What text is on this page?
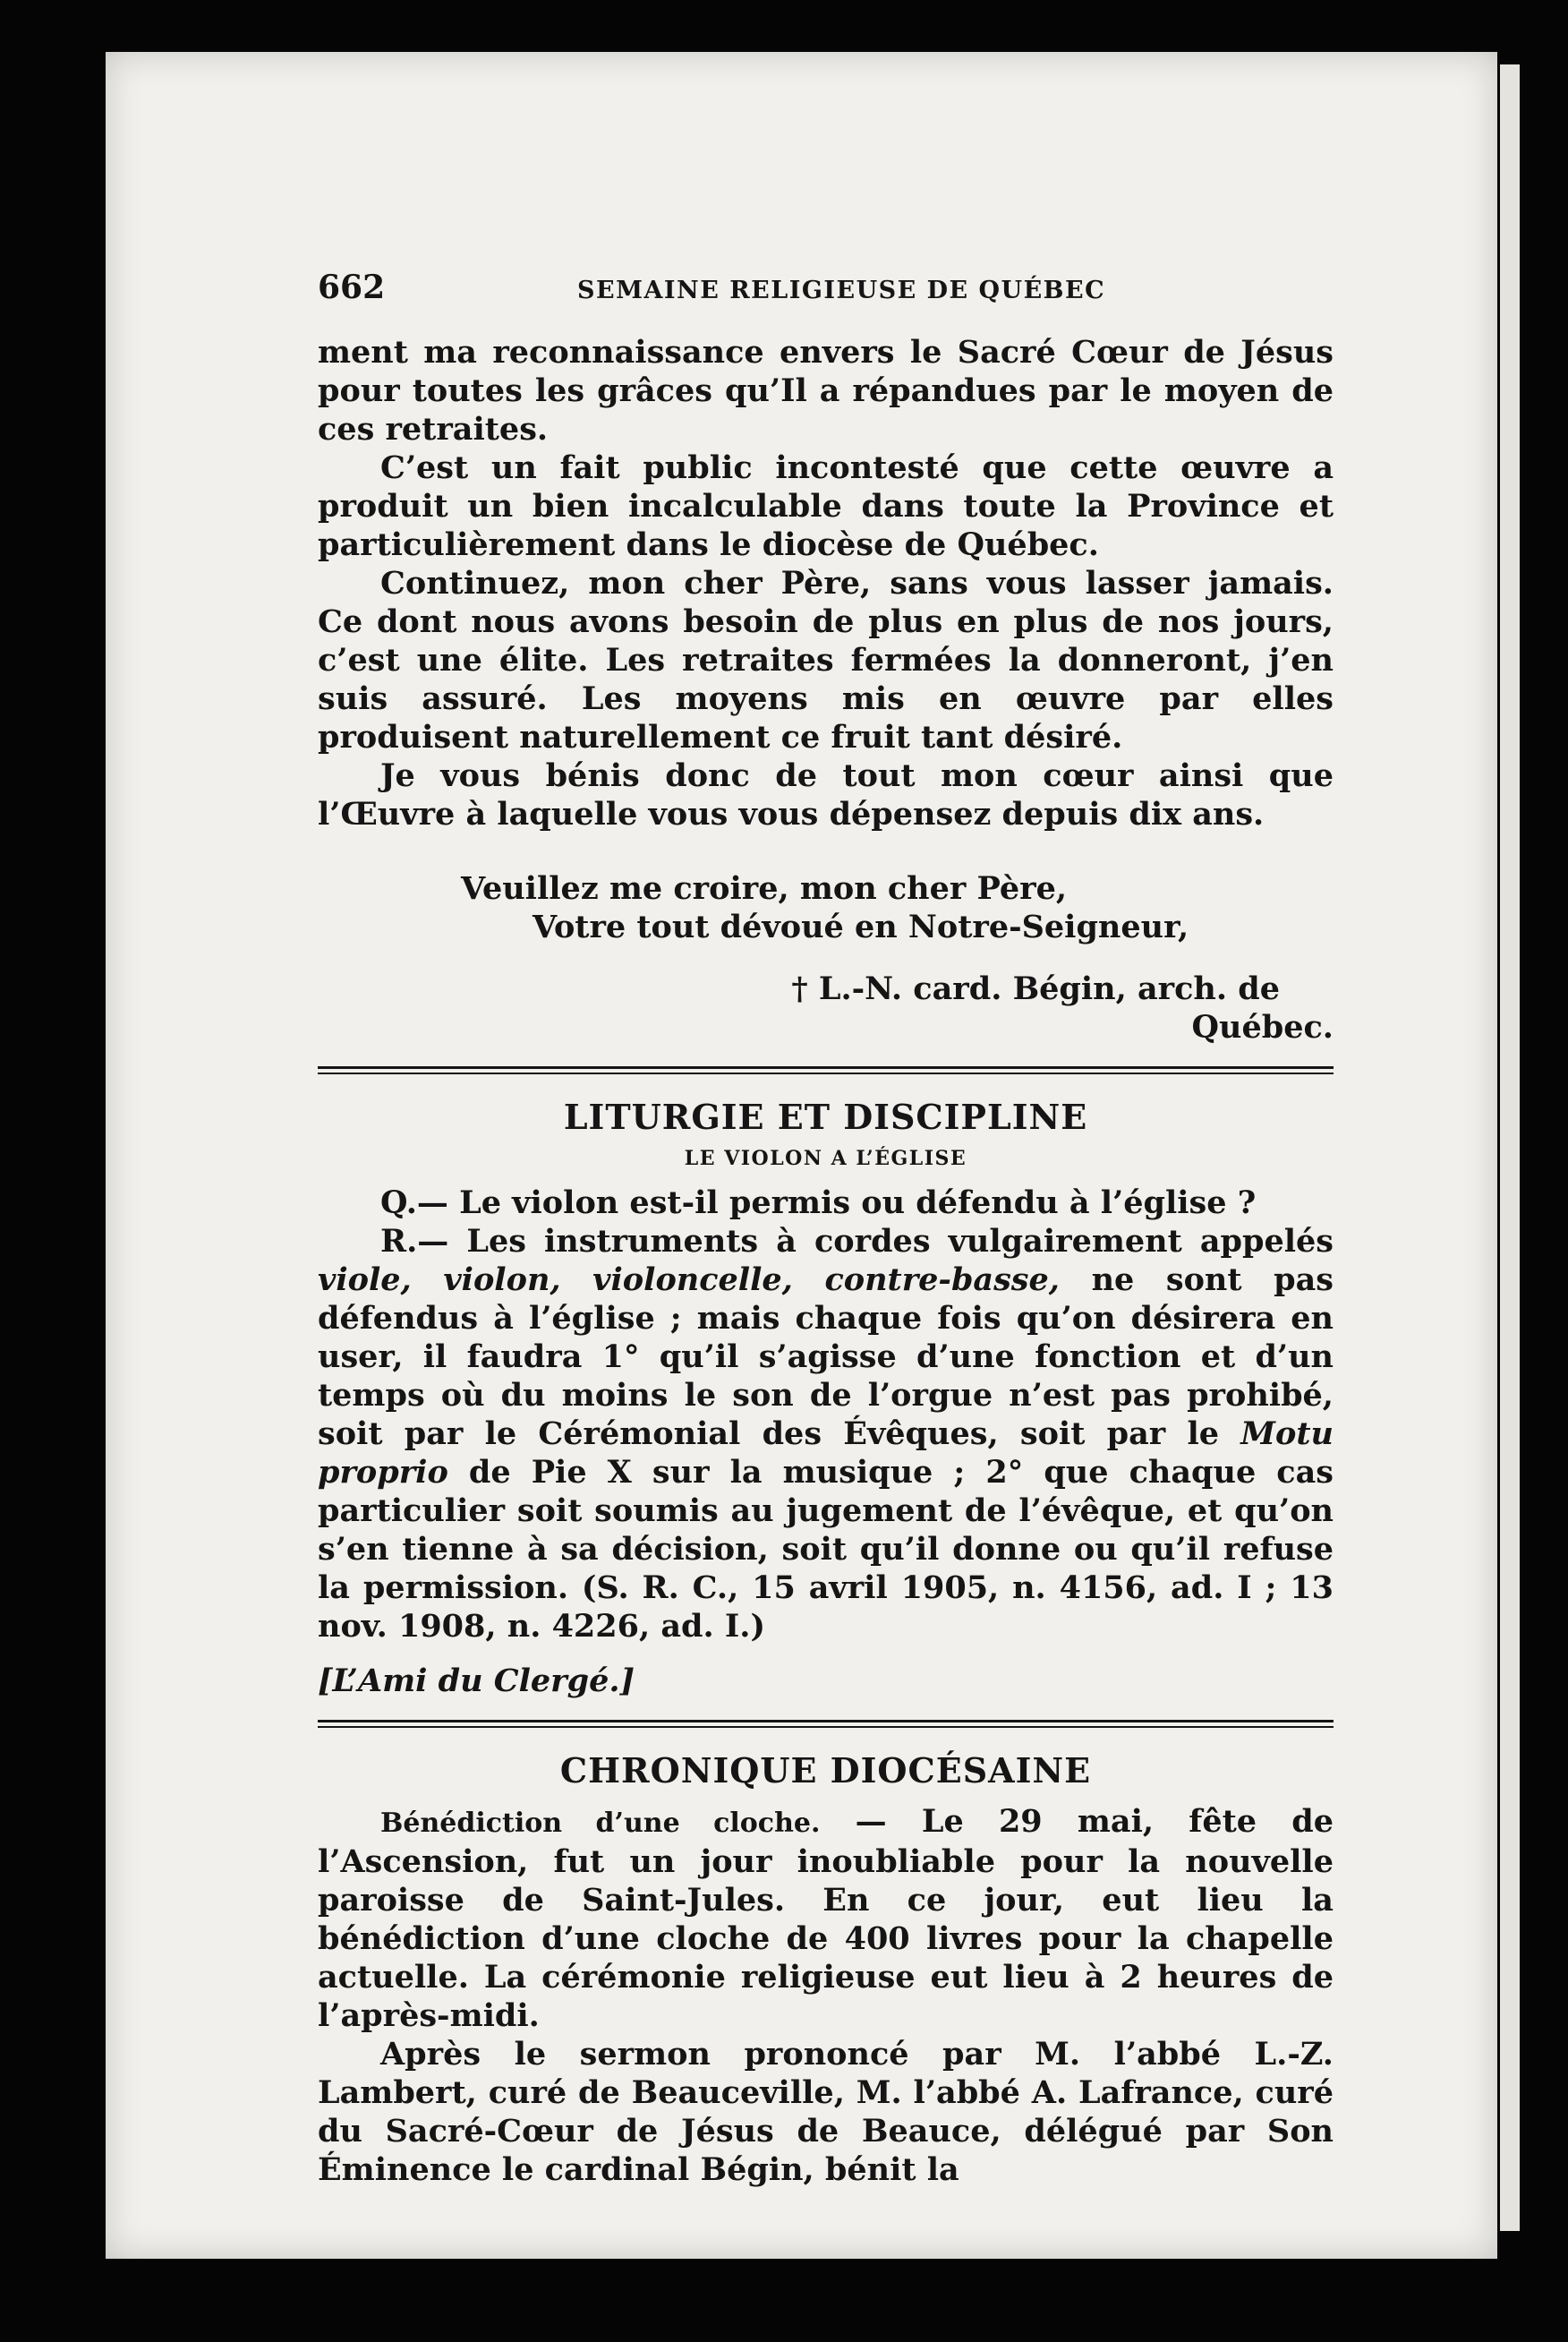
662	SEMAINE RELIGIEUSE DE QUÉBEC

ment ma reconnaissance envers le Sacré Cœur de Jésus pour toutes les grâces qu’Il a répandues par le moyen de ces retraites.

C’est un fait public incontesté que cette œuvre a produit un bien incalculable dans toute la Province et particulièrement dans le diocèse de Québec.

Continuez, mon cher Père, sans vous lasser jamais. Ce dont nous avons besoin de plus en plus de nos jours, c’est une élite. Les retraites fermées la donneront, j’en suis assuré. Les moyens mis en œuvre par elles produisent naturellement ce fruit tant désiré.

Je vous bénis donc de tout mon cœur ainsi que l’Œuvre à laquelle vous vous dépensez depuis dix ans.

Veuillez me croire, mon cher Père,
Votre tout dévoué en Notre-Seigneur,
† L.-N. card. Bégin, arch. de
Québec.
LITURGIE ET DISCIPLINE
LE VIOLON A L’ÉGLISE

Q.— Le violon est-il permis ou défendu à l’église ?

R.— Les instruments à cordes vulgairement appelés viole, violon, violoncelle, contre-basse, ne sont pas défendus à l’église ; mais chaque fois qu’on désirera en user, il faudra 1° qu’il s’agisse d’une fonction et d’un temps où du moins le son de l’orgue n’est pas prohibé, soit par le Cérémonial des Évêques, soit par le Motu proprio de Pie X sur la musique ; 2° que chaque cas particulier soit soumis au jugement de l’évêque, et qu’on s’en tienne à sa décision, soit qu’il donne ou qu’il refuse la permission. (S. R. C., 15 avril 1905, n. 4156, ad. I ; 13 nov. 1908, n. 4226, ad. I.)

[L’Ami du Clergé.]

CHRONIQUE DIOCÉSAINE

Bénédiction d’une cloche. — Le 29 mai, fête de l’Ascension, fut un jour inoubliable pour la nouvelle paroisse de Saint-Jules. En ce jour, eut lieu la bénédiction d’une cloche de 400 livres pour la chapelle actuelle. La cérémonie religieuse eut lieu à 2 heures de l’après-midi.

Après le sermon prononcé par M. l’abbé L.-Z. Lambert, curé de Beauceville, M. l’abbé A. Lafrance, curé du Sacré-Cœur de Jésus de Beauce, délégué par Son Éminence le cardinal Bégin, bénit la
